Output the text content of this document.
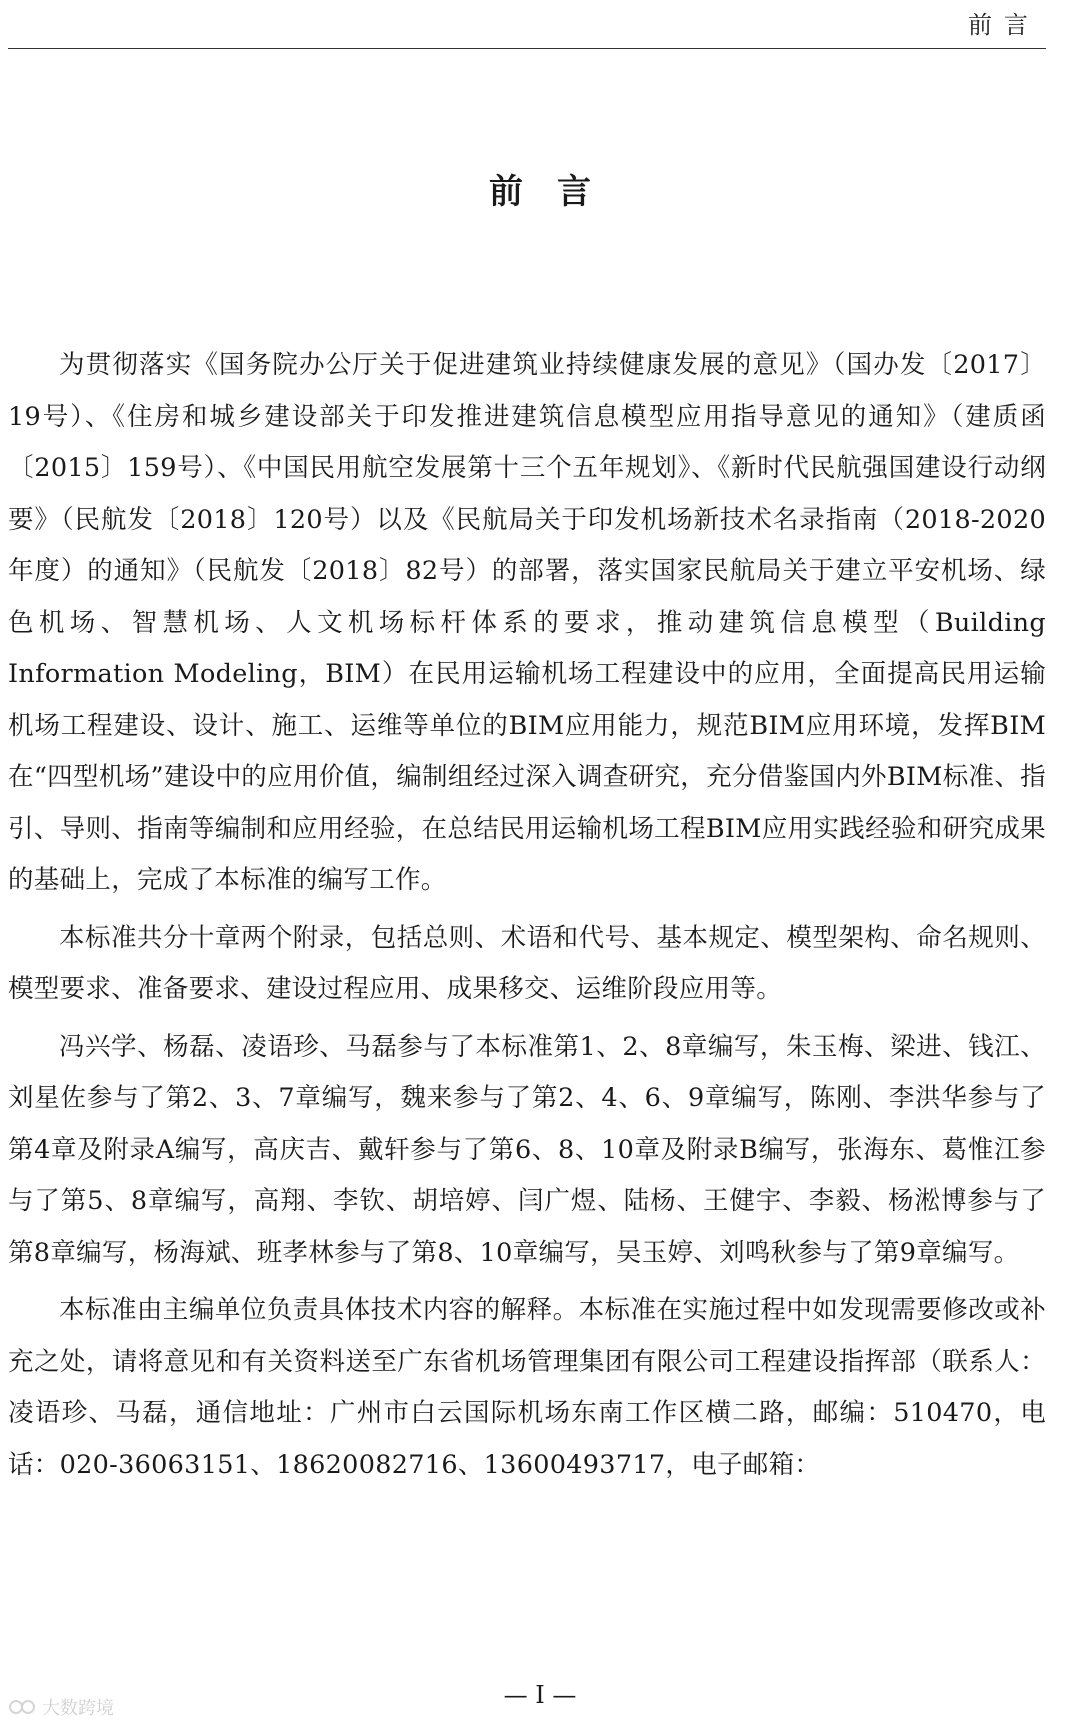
前言
前言

为贯彻落实《国务院办公厅关于促进建筑业持续健康发展的意见》（国办发〔2017〕19号）、《住房和城乡建设部关于印发推进建筑信息模型应用指导意见的通知》（建质函〔2015〕159号）、《中国民用航空发展第十三个五年规划》、《新时代民航强国建设行动纲要》（民航发〔2018〕120号）以及《民航局关于印发机场新技术名录指南（2018-2020年度）的通知》（民航发〔2018〕82号）的部署，落实国家民航局关于建立平安机场、绿色机场、智慧机场、人文机场标杆体系的要求，推动建筑信息模型（Building Information Modeling，BIM）在民用运输机场工程建设中的应用，全面提高民用运输机场工程建设、设计、施工、运维等单位的BIM应用能力，规范BIM应用环境，发挥BIM在“四型机场”建设中的应用价值，编制组经过深入调查研究，充分借鉴国内外BIM标准、指引、导则、指南等编制和应用经验，在总结民用运输机场工程BIM应用实践经验和研究成果的基础上，完成了本标准的编写工作。

本标准共分十章两个附录，包括总则、术语和代号、基本规定、模型架构、命名规则、模型要求、准备要求、建设过程应用、成果移交、运维阶段应用等。

冯兴学、杨磊、凌语珍、马磊参与了本标准第1、2、8章编写，朱玉梅、梁进、钱江、刘星佐参与了第2、3、7章编写，魏来参与了第2、4、6、9章编写，陈刚、李洪华参与了第4章及附录A编写，高庆吉、戴轩参与了第6、8、10章及附录B编写，张海东、葛惟江参与了第5、8章编写，高翔、李钦、胡培婷、闫广煜、陆杨、王健宇、李毅、杨淞博参与了第8章编写，杨海斌、班孝林参与了第8、10章编写，吴玉婷、刘鸣秋参与了第9章编写。

本标准由主编单位负责具体技术内容的解释。本标准在实施过程中如发现需要修改或补充之处，请将意见和有关资料送至广东省机场管理集团有限公司工程建设指挥部（联系人：凌语珍、马磊，通信地址：广州市白云国际机场东南工作区横二路，邮编：510470，电话：020-36063151、18620082716、13600493717，电子邮箱：

— I —
大数跨境
